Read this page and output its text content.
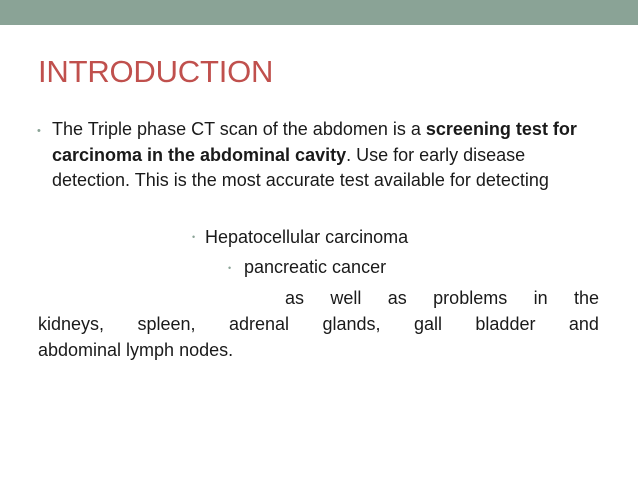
INTRODUCTION
• The Triple phase CT scan of the abdomen is a screening test for carcinoma in the abdominal cavity. Use for early disease detection. This is the most accurate test available for detecting

• Hepatocellular carcinoma
• pancreatic cancer
as well as problems in the
kidneys, spleen, adrenal glands, gall bladder and
abdominal lymph nodes.
